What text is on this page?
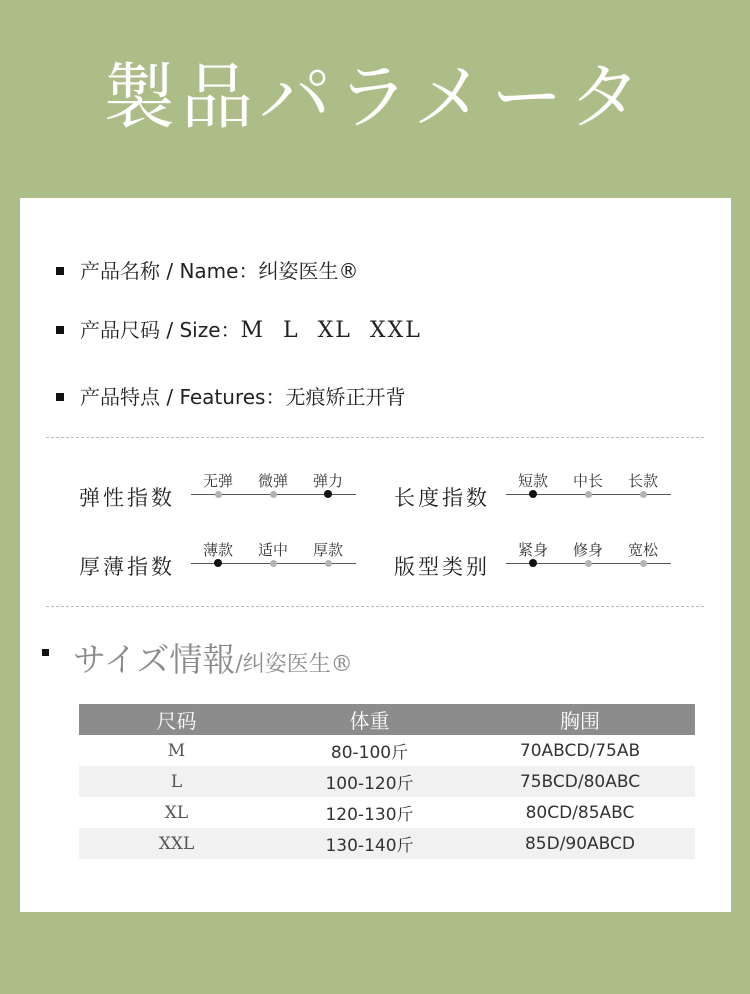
製品パラメータ
产品名称 / Name：纠姿医生®
产品尺码 / Size：M  L  XL  XXL
产品特点 / Features：无痕矫正开背
弹性指数
无弹	微弹	弹力
长度指数
短款	中长	长款
厚薄指数
薄款	适中	厚款
版型类别
紧身	修身	宽松
サイズ情報/纠姿医生®
尺码	体重	胸围
M	80-100斤	70ABCD/75AB
L	100-120斤	75BCD/80ABC
XL	120-130斤	80CD/85ABC
XXL	130-140斤	85D/90ABCD
